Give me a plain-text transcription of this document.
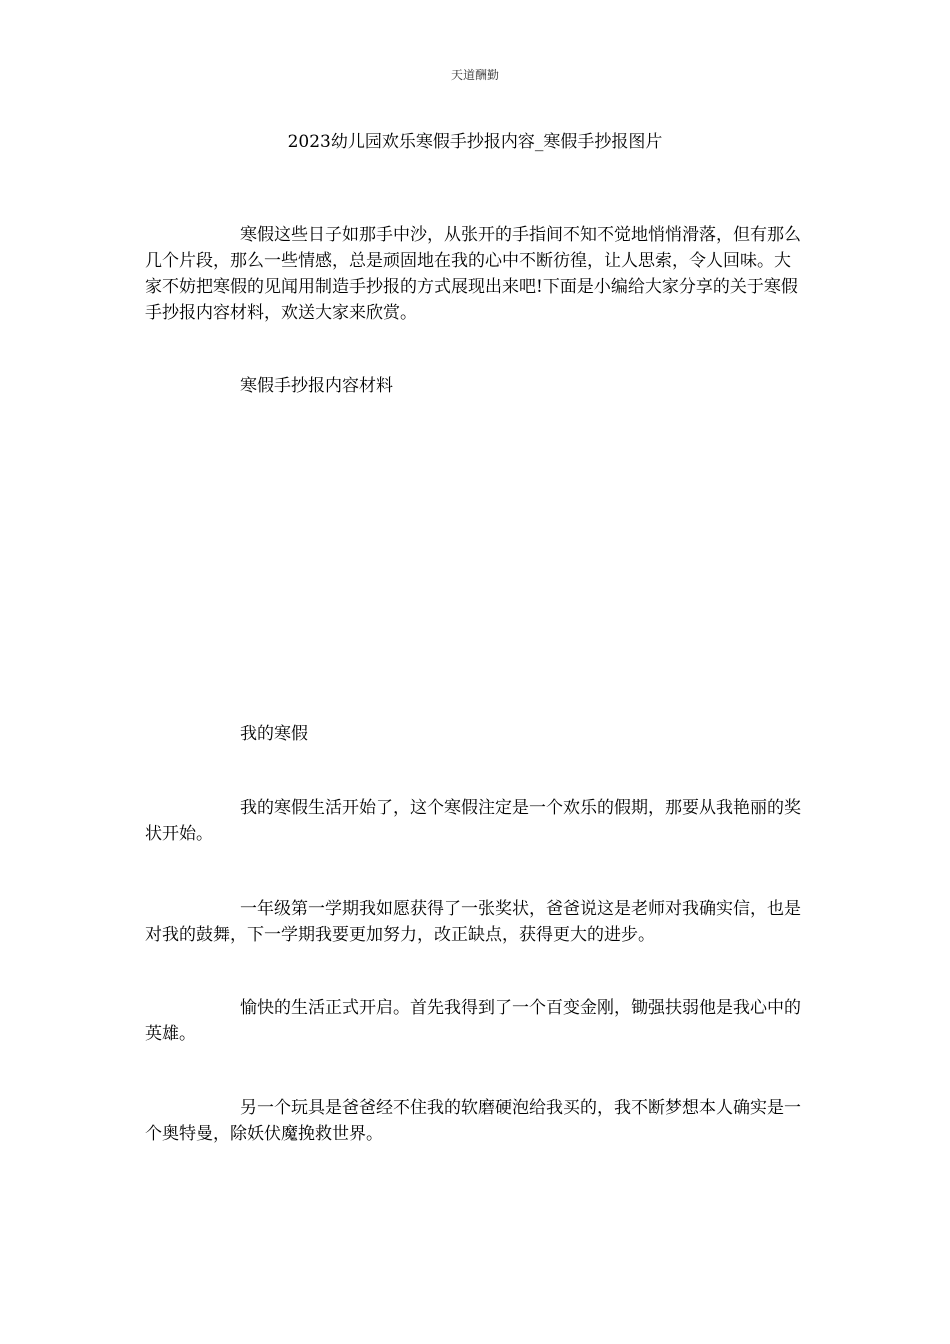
天道酬勤
2023幼儿园欢乐寒假手抄报内容_寒假手抄报图片

寒假这些日子如那手中沙，从张开的手指间不知不觉地悄悄滑落，但有那么几个片段，那么一些情感，总是顽固地在我的心中不断彷徨，让人思索，令人回味。大家不妨把寒假的见闻用制造手抄报的方式展现出来吧!下面是小编给大家分享的关于寒假手抄报内容材料，欢送大家来欣赏。

寒假手抄报内容材料

我的寒假

我的寒假生活开始了，这个寒假注定是一个欢乐的假期，那要从我艳丽的奖状开始。

一年级第一学期我如愿获得了一张奖状，爸爸说这是老师对我确实信，也是对我的鼓舞，下一学期我要更加努力，改正缺点，获得更大的进步。

愉快的生活正式开启。首先我得到了一个百变金刚，锄强扶弱他是我心中的英雄。

另一个玩具是爸爸经不住我的软磨硬泡给我买的，我不断梦想本人确实是一个奥特曼，除妖伏魔挽救世界。
